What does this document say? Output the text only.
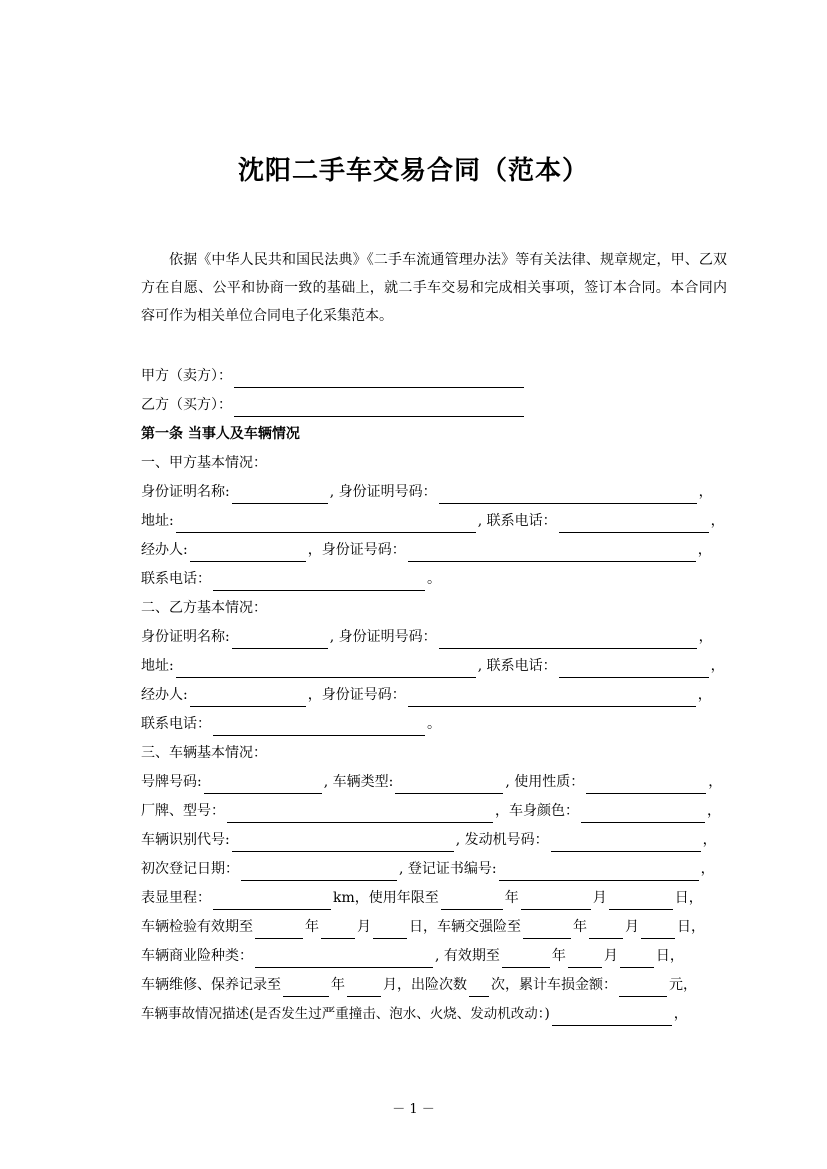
沈阳二手车交易合同（范本）

依据《中华人民共和国民法典》《二手车流通管理办法》等有关法律、规章规定，甲、乙双方在自愿、公平和协商一致的基础上，就二手车交易和完成相关事项，签订本合同。本合同内容可作为相关单位合同电子化采集范本。

甲方（卖方）：
乙方（买方）：
第一条 当事人及车辆情况
一、甲方基本情况：
身份证明名称:	, 身份证明号码：	，
地址:	, 联系电话：	，
经办人:	，身份证号码：	，
联系电话：	。
二、乙方基本情况：
身份证明名称:	, 身份证明号码：	，
地址:	, 联系电话：	，
经办人:	，身份证号码：	，
联系电话：	。
三、车辆基本情况：
号牌号码:	, 车辆类型:	, 使用性质：	，
厂牌、型号：	，车身颜色：	，
车辆识别代号:	, 发动机号码：	，
初次登记日期：	, 登记证书编号:	，
表显里程：	km，使用年限至	年	月	日，
车辆检验有效期至	年	月	日，车辆交强险至	年	月	日，
车辆商业险种类：	, 有效期至	年	月	日，
车辆维修、保养记录至	年	月，出险次数 次，累计车损金额：	元，
车辆事故情况描述(是否发生过严重撞击、泡水、火烧、发动机改动：)	，
－ 1 －
